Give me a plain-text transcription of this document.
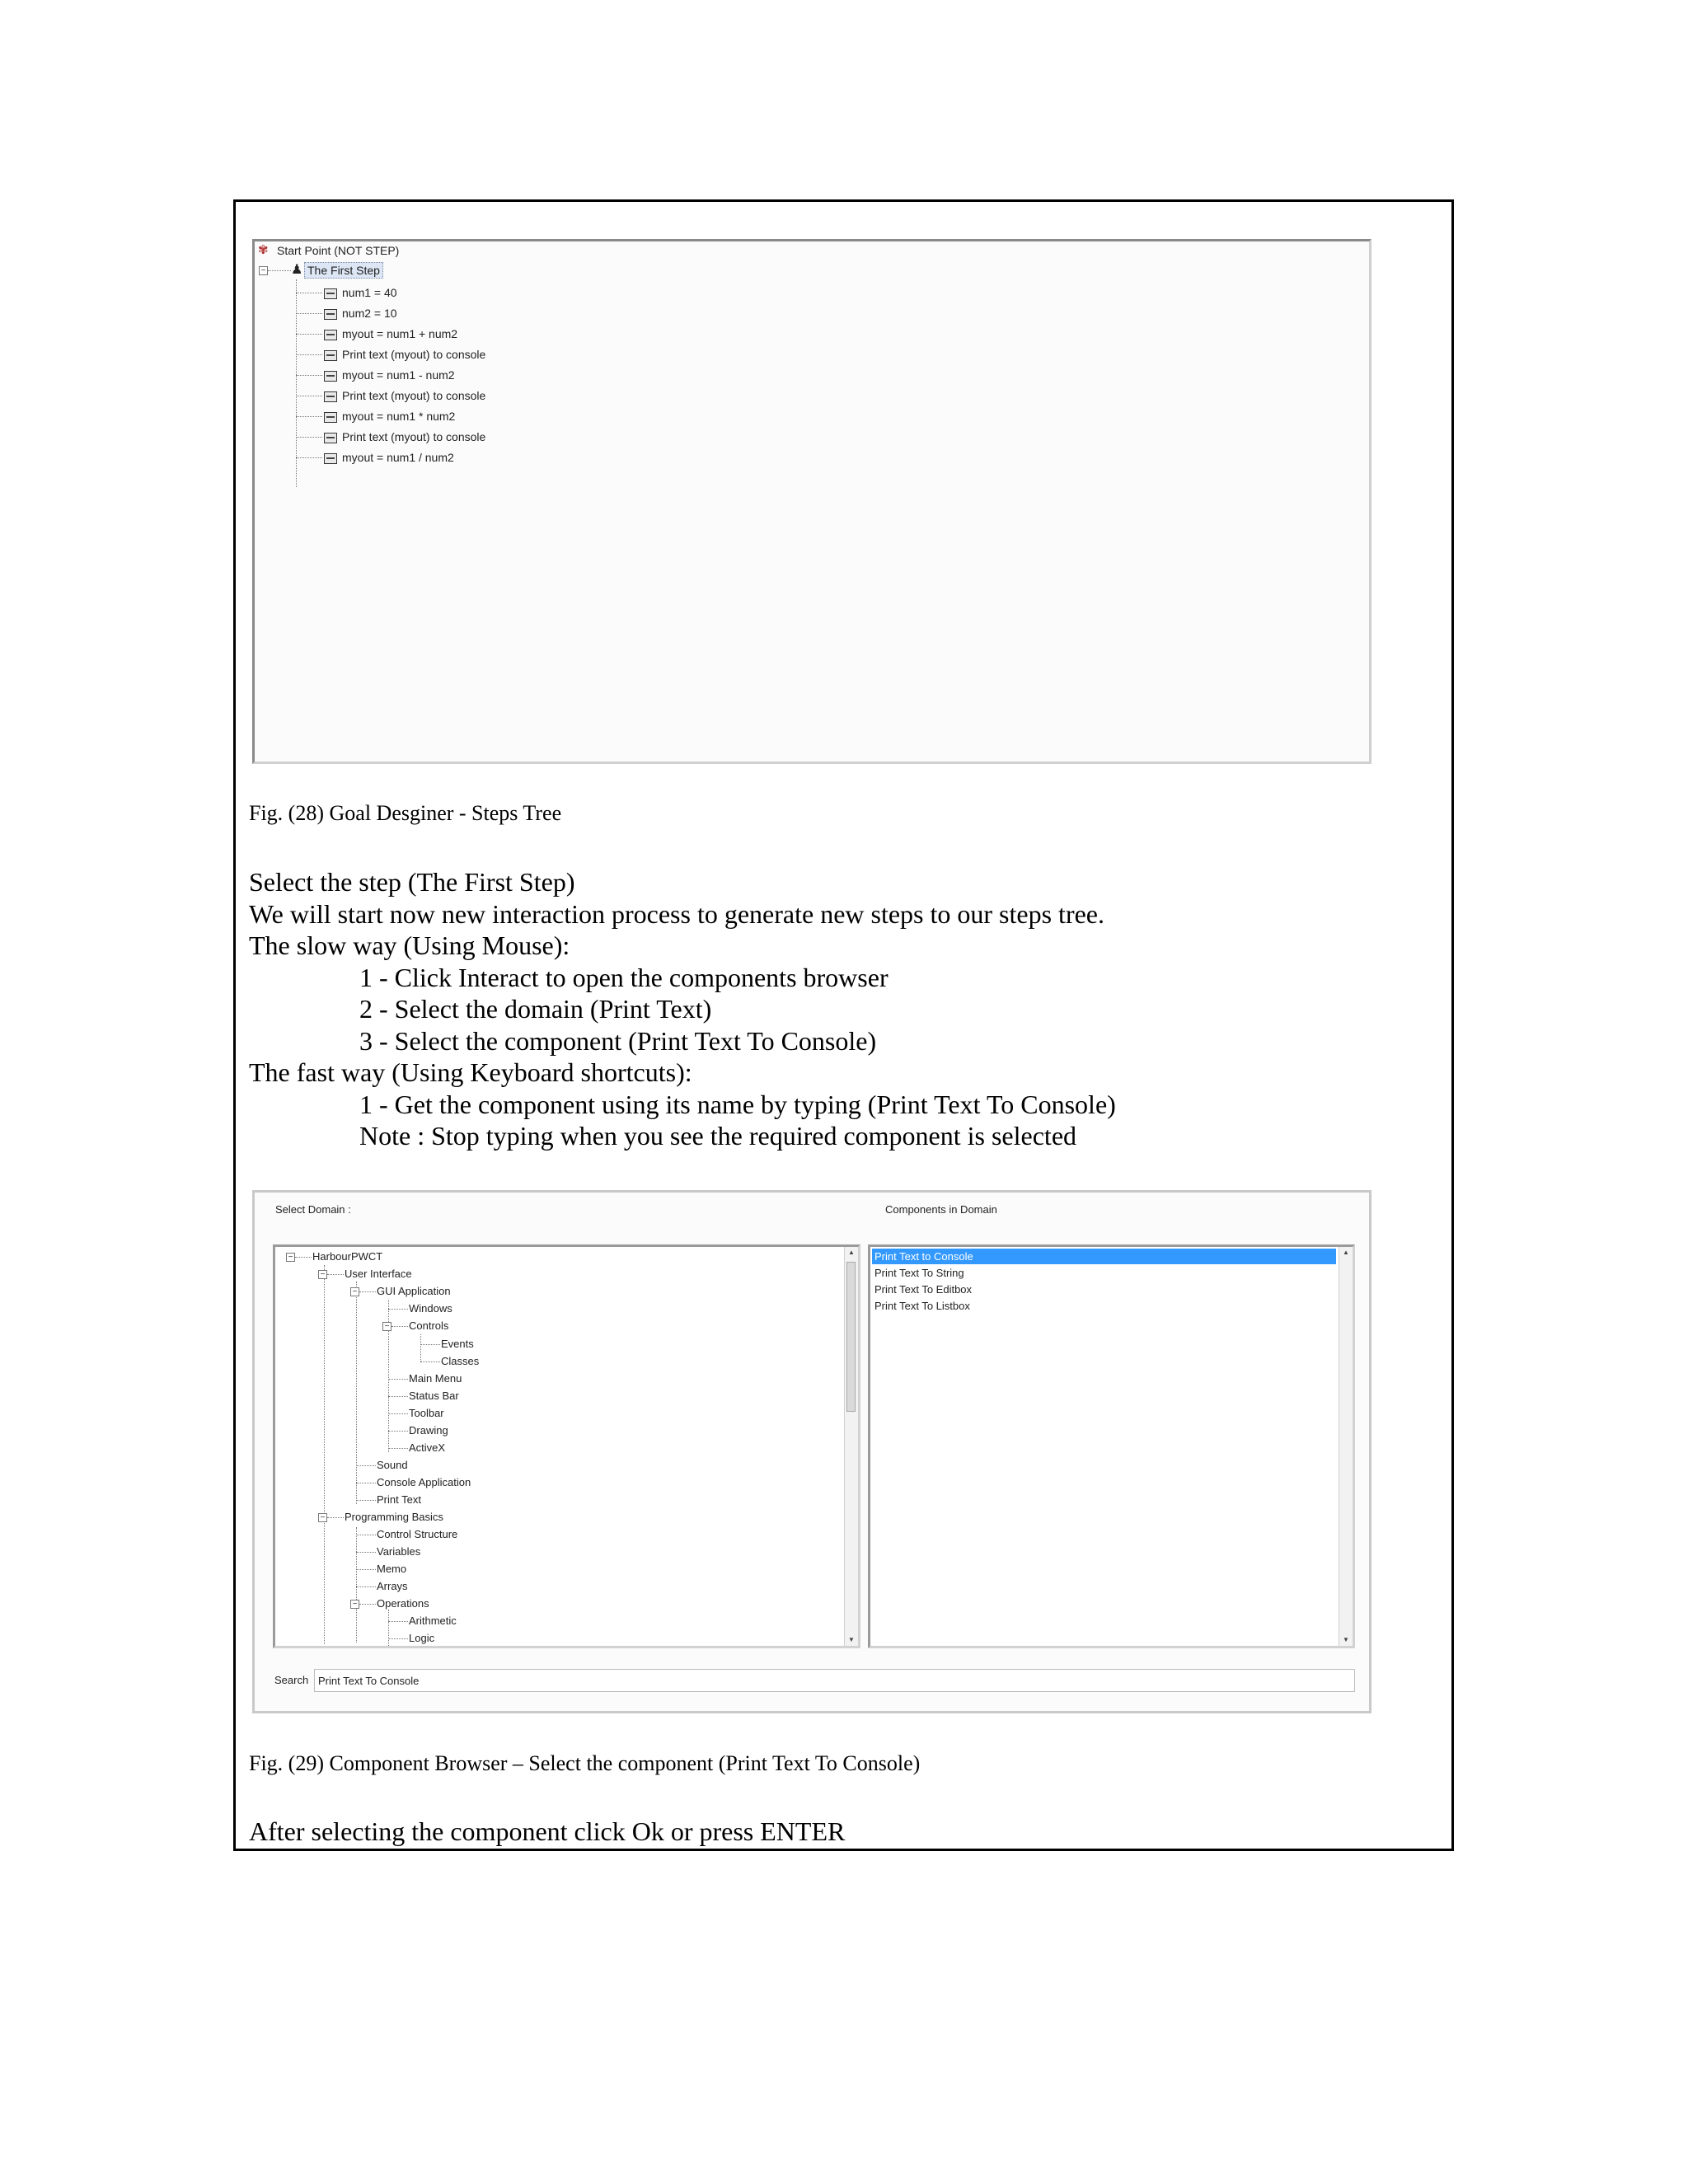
✾ Start Point (NOT STEP)
− ♟ The First Step
num1 = 40
num2 = 10
myout = num1 + num2
Print text (myout) to console
myout = num1 - num2
Print text (myout) to console
myout = num1 * num2
Print text (myout) to console
myout = num1 / num2
Fig. (28) Goal Desginer - Steps Tree
Select the step (The First Step)
We will start now new interaction process to generate new steps to our steps tree.
The slow way (Using Mouse):
1 - Click Interact to open the components browser
2 - Select the domain (Print Text)
3 - Select the component (Print Text To Console)
The fast way (Using Keyboard shortcuts):
1 - Get the component using its name by typing (Print Text To Console)
Note : Stop typing when you see the required component is selected
Select Domain :	Components in Domain
− HarbourPWCT
− User Interface
− GUI Application
Windows
− Controls
Events
Classes
Main Menu
Status Bar
Toolbar
Drawing
ActiveX
Sound
Console Application
Print Text
− Programming Basics
Control Structure
Variables
Memo
Arrays
− Operations
Arithmetic
Logic
▲
▼
Print Text to Console
Print Text To String
Print Text To Editbox
Print Text To Listbox
▲
▼
Search
Print Text To Console
Fig. (29) Component Browser – Select the component (Print Text To Console)
After selecting the component click Ok or press ENTER
